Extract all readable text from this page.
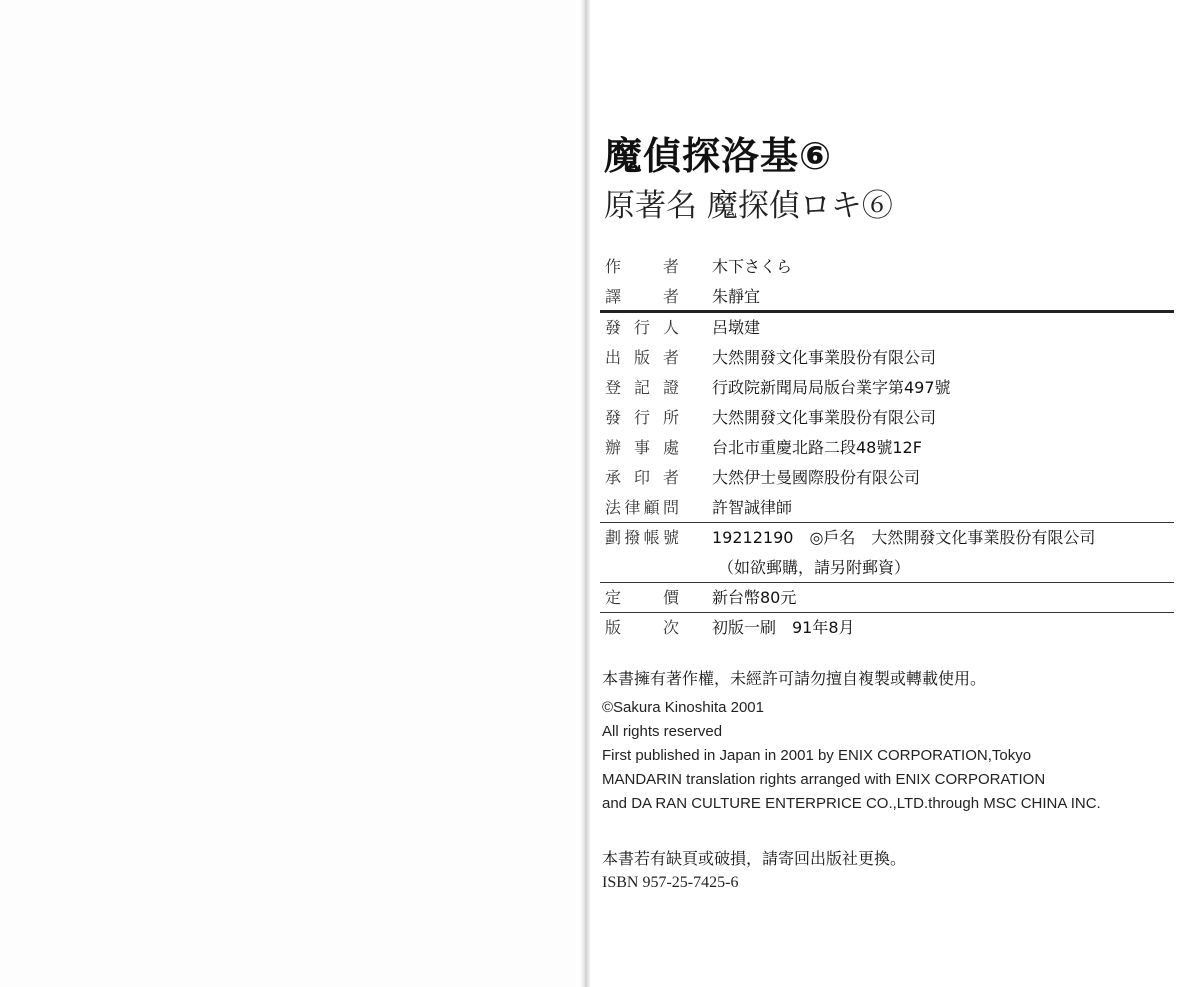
魔偵探洛基⑥
原著名 魔探偵ロキ⑥
作者 木下さくら
譯者 朱靜宜
發行人 呂墩建
出版者 大然開發文化事業股份有限公司
登記證 行政院新聞局局版台業字第497號
發行所 大然開發文化事業股份有限公司
辦事處 台北市重慶北路二段48號12F
承印者 大然伊士曼國際股份有限公司
法律顧問 許智誠律師
劃撥帳號 19212190　◎戶名　大然開發文化事業股份有限公司
（如欲郵購，請另附郵資）
定價 新台幣80元
版次 初版一刷　91年8月
本書擁有著作權，未經許可請勿擅自複製或轉載使用。
©Sakura Kinoshita 2001
All rights reserved
First published in Japan in 2001 by ENIX CORPORATION,Tokyo
MANDARIN translation rights arranged with ENIX CORPORATION
and DA RAN CULTURE ENTERPRICE CO.,LTD.through MSC CHINA INC.
本書若有缺頁或破損，請寄回出版社更換。
ISBN 957-25-7425-6
